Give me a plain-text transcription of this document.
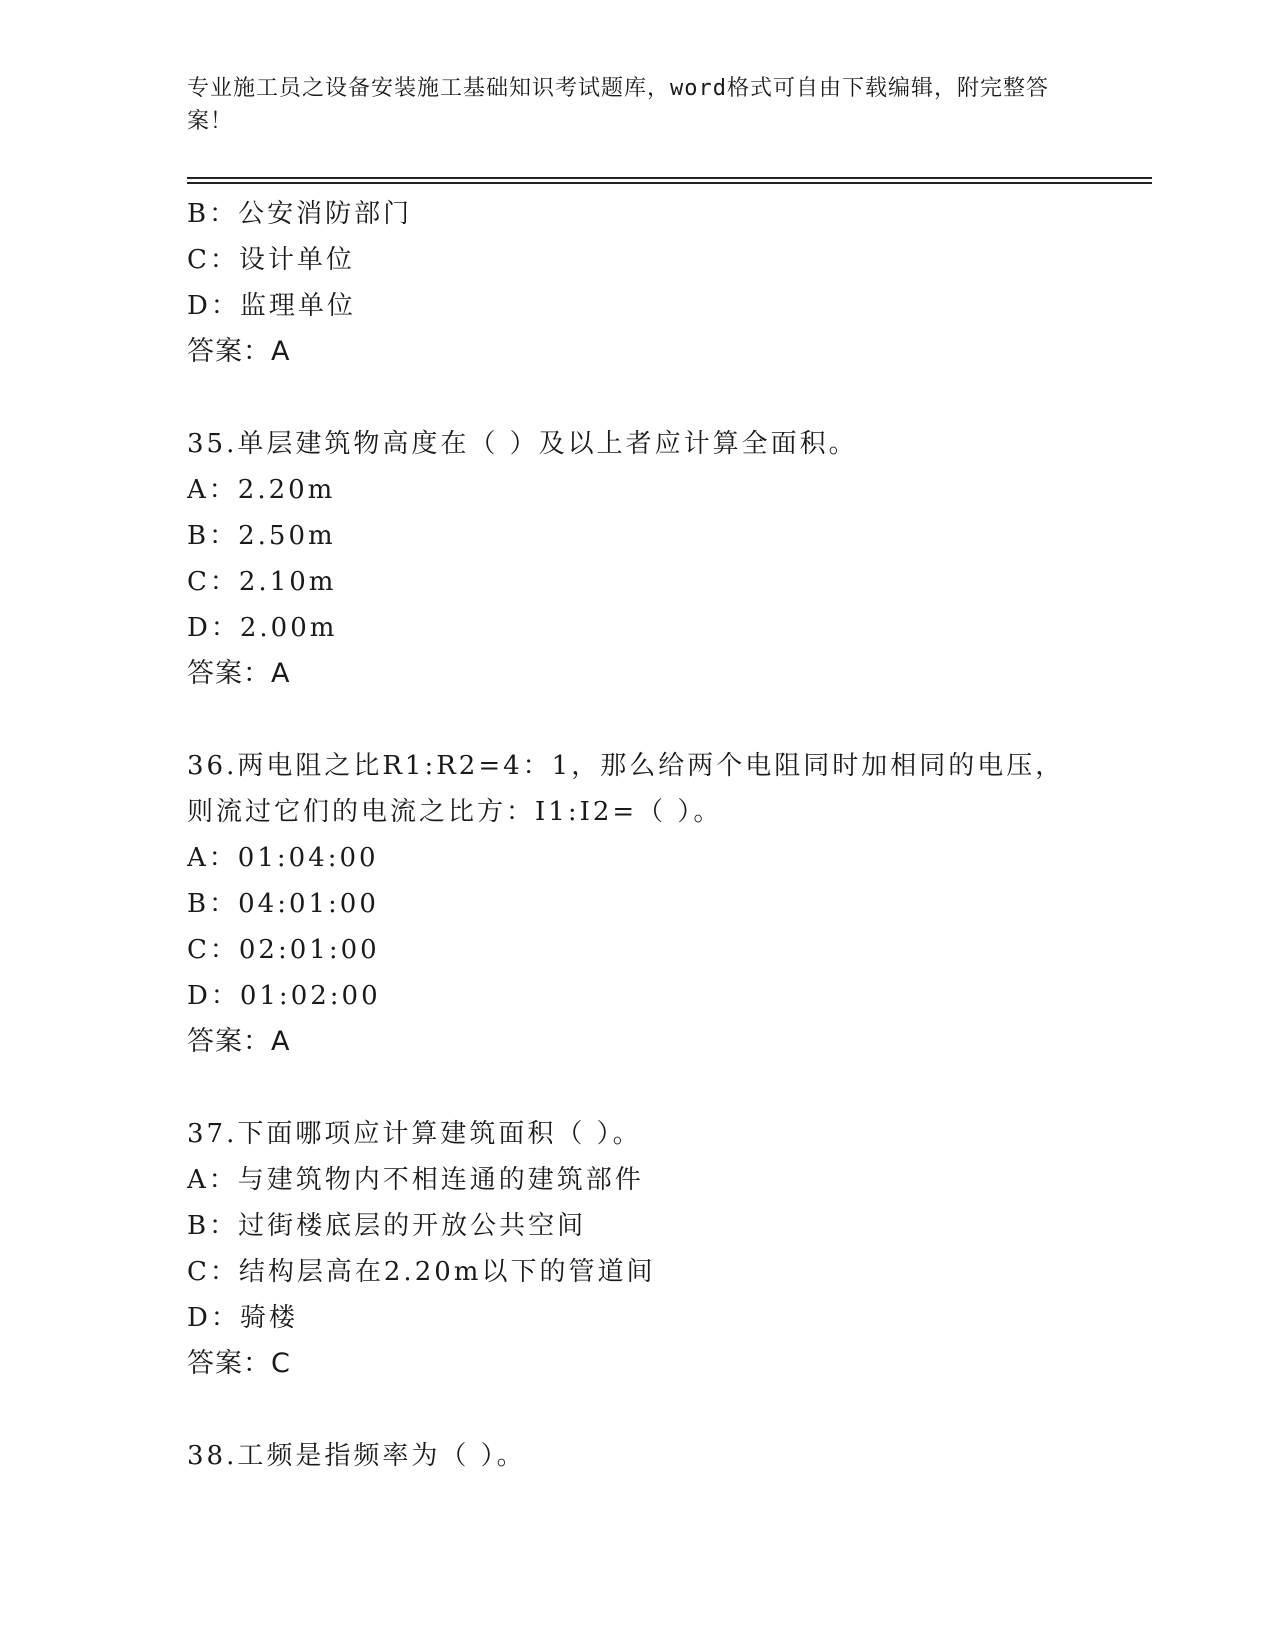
专业施工员之设备安装施工基础知识考试题库，word格式可自由下载编辑，附完整答案！
B：公安消防部门
C：设计单位
D：监理单位
答案：A
35.单层建筑物高度在（ ）及以上者应计算全面积。
A：2.20m
B：2.50m
C：2.10m
D：2.00m
答案：A
36.两电阻之比R1:R2=4：1，那么给两个电阻同时加相同的电压，则流过它们的电流之比方：I1:I2=（ ）。
A：01:04:00
B：04:01:00
C：02:01:00
D：01:02:00
答案：A
37.下面哪项应计算建筑面积（ ）。
A：与建筑物内不相连通的建筑部件
B：过街楼底层的开放公共空间
C：结构层高在2.20m以下的管道间
D：骑楼
答案：C
38.工频是指频率为（ ）。
